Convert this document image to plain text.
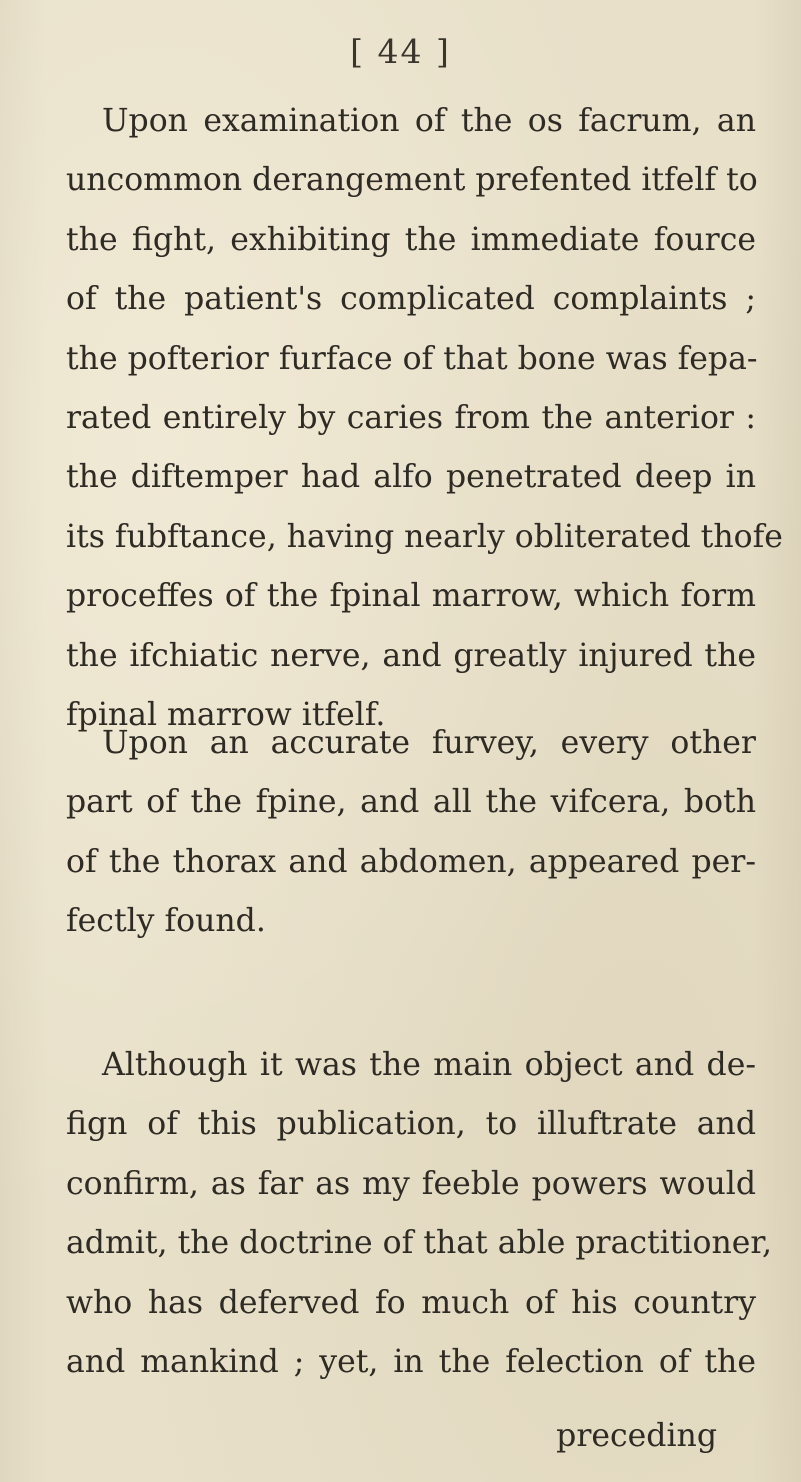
[ 44 ]
Upon examination of the os facrum, an
uncommon derangement prefented itfelf to
the fight, exhibiting the immediate fource
of the patient's complicated complaints ;
the pofterior furface of that bone was fepa-
rated entirely by caries from the anterior :
the diftemper had alfo penetrated deep in
its fubftance, having nearly obliterated thofe
proceffes of the fpinal marrow, which form
the ifchiatic nerve, and greatly injured the
fpinal marrow itfelf.
Upon an accurate furvey, every other
part of the fpine, and all the vifcera, both
of the thorax and abdomen, appeared per-
fectly found.
Although it was the main object and de-
fign of this publication, to illuftrate and
confirm, as far as my feeble powers would
admit, the doctrine of that able practitioner,
who has deferved fo much of his country
and mankind ; yet, in the felection of the
preceding
